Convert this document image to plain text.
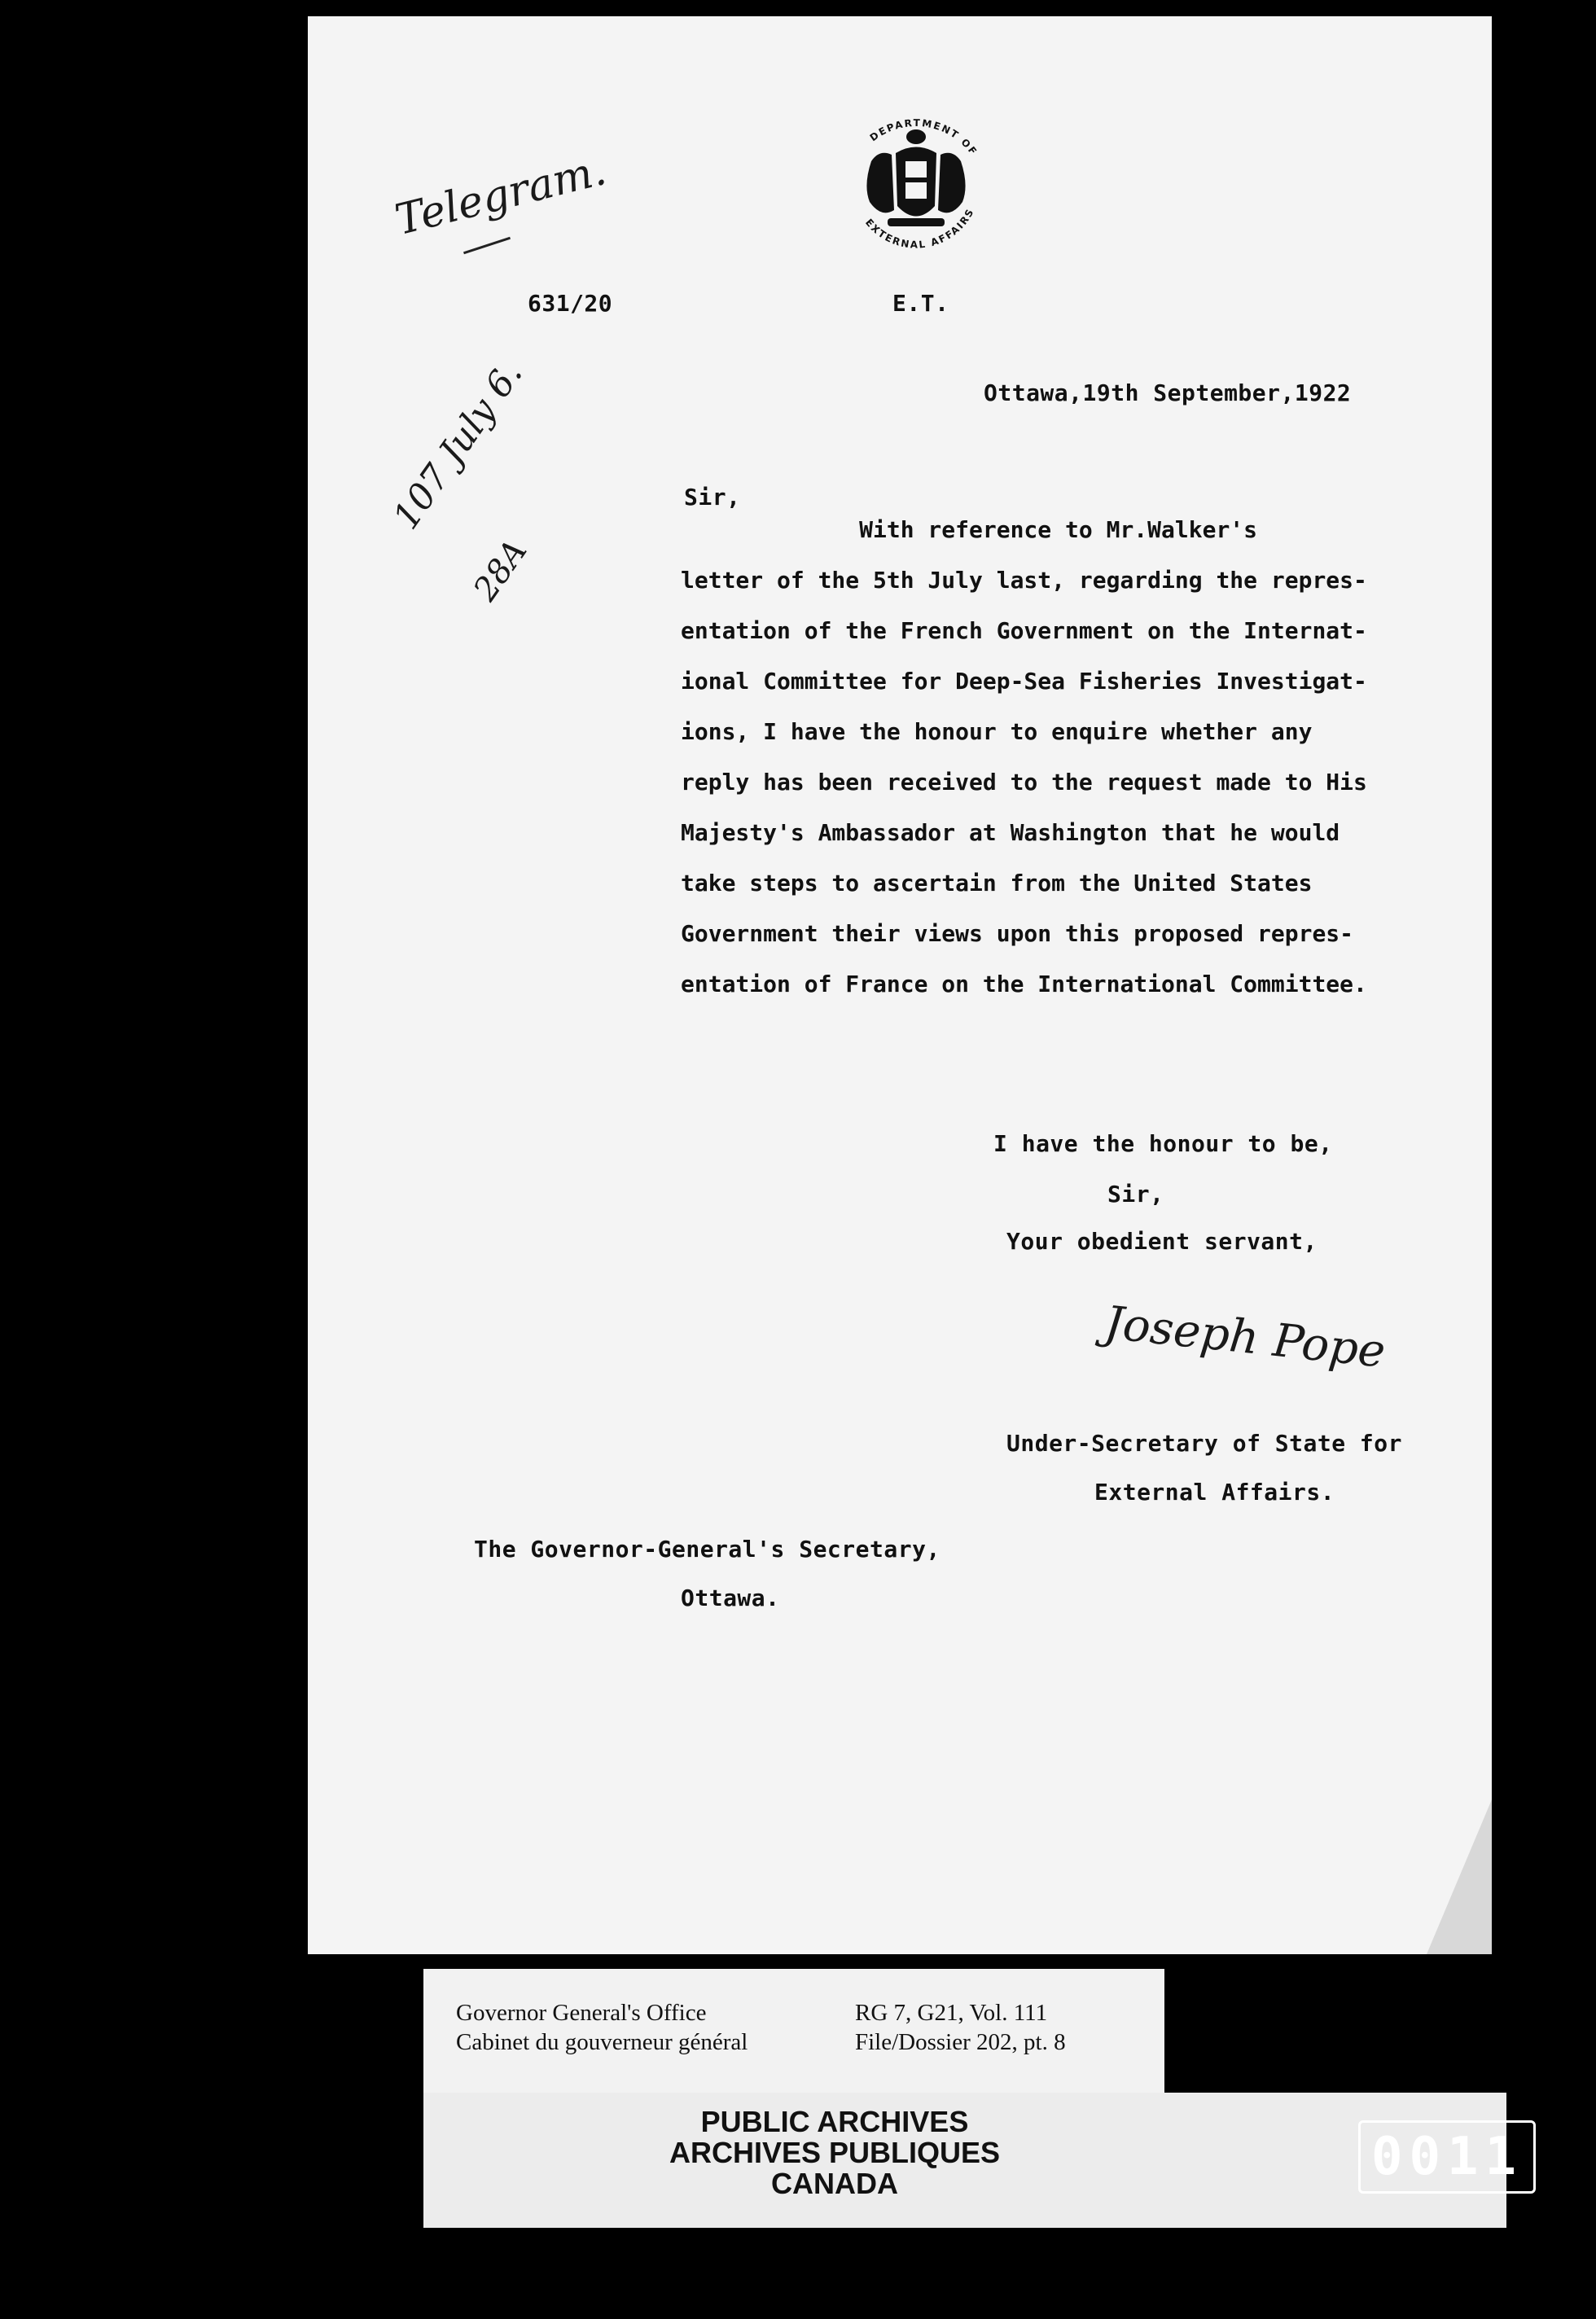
Telegram.
631/20
DEPARTMENT OF
EXTERNAL AFFAIRS
E.T.
Ottawa,19th September,1922
107 July 6.
28A
Sir,
With reference to Mr.Walker's
letter of the 5th July last, regarding the repres-
entation of the French Government on the Internat-
ional Committee for Deep-Sea Fisheries Investigat-
ions, I have the honour to enquire whether any
reply has been received to the request made to His
Majesty's Ambassador at Washington that he would
take steps to ascertain from the United States
Government their views upon this proposed repres-
entation of France on the International Committee.
I have the honour to be,
Sir,
Your obedient servant,
Joseph Pope
Under-Secretary of State for
External Affairs.
The Governor-General's Secretary,
Ottawa.
Governor General's Office
Cabinet du gouverneur général
RG 7, G21, Vol. 111
File/Dossier 202, pt. 8
PUBLIC ARCHIVES
ARCHIVES PUBLIQUES
CANADA	0011
